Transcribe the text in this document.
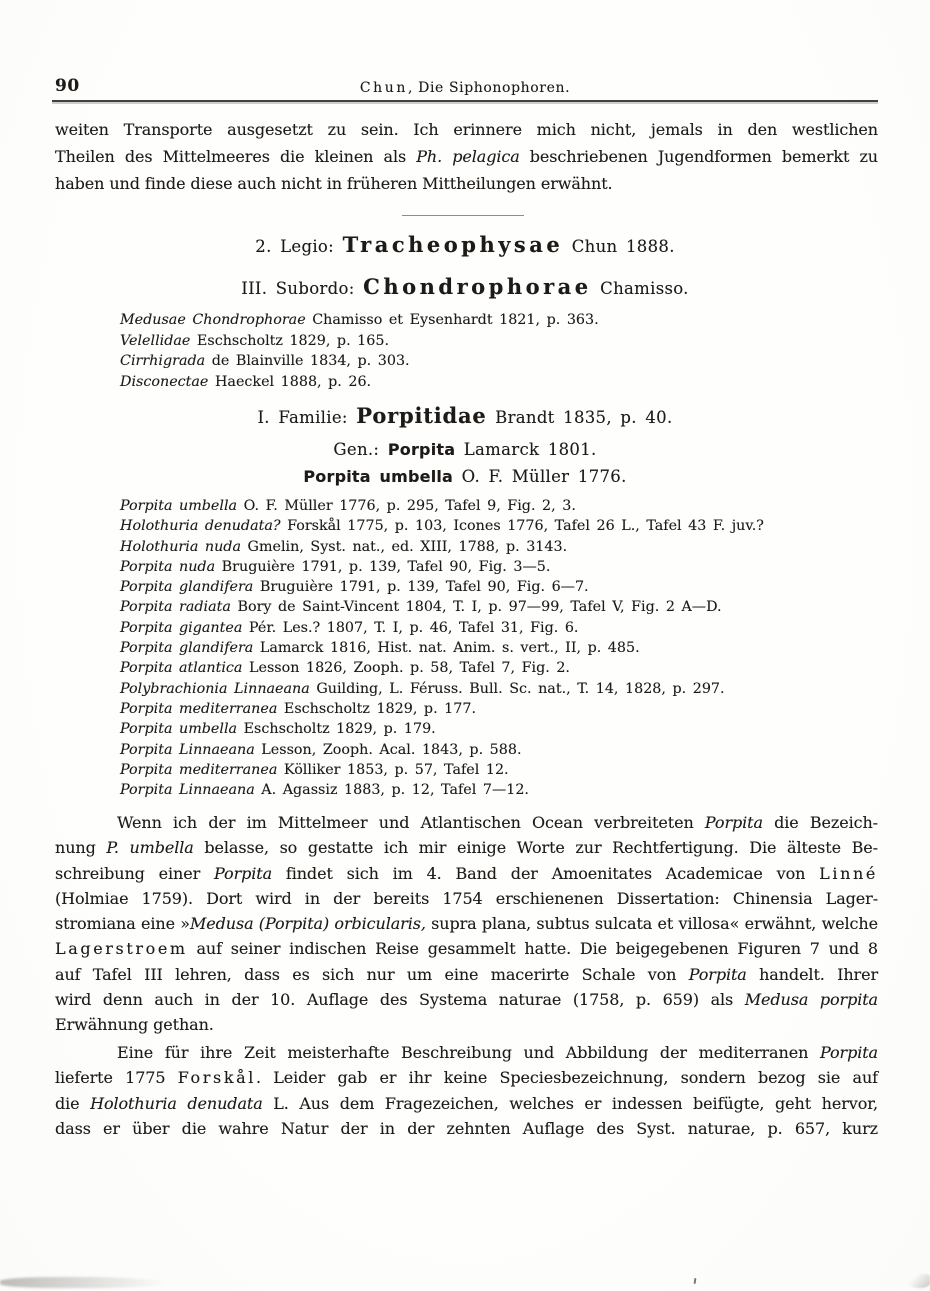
90	Chun, Die Siphonophoren.
weiten Transporte ausgesetzt zu sein. Ich erinnere mich nicht, jemals in den westlichen
Theilen des Mittelmeeres die kleinen als Ph. pelagica beschriebenen Jugendformen bemerkt zu
haben und finde diese auch nicht in früheren Mittheilungen erwähnt.
2. Legio: Tracheophysae Chun 1888.
III. Subordo: Chondrophorae Chamisso.
Medusae Chondrophorae Chamisso et Eysenhardt 1821, p. 363.
Velellidae Eschscholtz 1829, p. 165.
Cirrhigrada de Blainville 1834, p. 303.
Disconectae Haeckel 1888, p. 26.
I. Familie: Porpitidae Brandt 1835, p. 40.
Gen.: Porpita Lamarck 1801.
Porpita umbella O. F. Müller 1776.
Porpita umbella O. F. Müller 1776, p. 295, Tafel 9, Fig. 2, 3.
Holothuria denudata? Forskål 1775, p. 103, Icones 1776, Tafel 26 L., Tafel 43 F. juv.?
Holothuria nuda Gmelin, Syst. nat., ed. XIII, 1788, p. 3143.
Porpita nuda Bruguière 1791, p. 139, Tafel 90, Fig. 3—5.
Porpita glandifera Bruguière 1791, p. 139, Tafel 90, Fig. 6—7.
Porpita radiata Bory de Saint-Vincent 1804, T. I, p. 97—99, Tafel V, Fig. 2 A—D.
Porpita gigantea Pér. Les.? 1807, T. I, p. 46, Tafel 31, Fig. 6.
Porpita glandifera Lamarck 1816, Hist. nat. Anim. s. vert., II, p. 485.
Porpita atlantica Lesson 1826, Zooph. p. 58, Tafel 7, Fig. 2.
Polybrachionia Linnaeana Guilding, L. Féruss. Bull. Sc. nat., T. 14, 1828, p. 297.
Porpita mediterranea Eschscholtz 1829, p. 177.
Porpita umbella Eschscholtz 1829, p. 179.
Porpita Linnaeana Lesson, Zooph. Acal. 1843, p. 588.
Porpita mediterranea Kölliker 1853, p. 57, Tafel 12.
Porpita Linnaeana A. Agassiz 1883, p. 12, Tafel 7—12.
Wenn ich der im Mittelmeer und Atlantischen Ocean verbreiteten Porpita die Bezeich-
nung P. umbella belasse, so gestatte ich mir einige Worte zur Rechtfertigung. Die älteste Be-
schreibung einer Porpita findet sich im 4. Band der Amoenitates Academicae von Linné
(Holmiae 1759). Dort wird in der bereits 1754 erschienenen Dissertation: Chinensia Lager-
stromiana eine »Medusa (Porpita) orbicularis, supra plana, subtus sulcata et villosa« erwähnt, welche
Lagerstroem auf seiner indischen Reise gesammelt hatte. Die beigegebenen Figuren 7 und 8
auf Tafel III lehren, dass es sich nur um eine macerirte Schale von Porpita handelt. Ihrer
wird denn auch in der 10. Auflage des Systema naturae (1758, p. 659) als Medusa porpita
Erwähnung gethan.
Eine für ihre Zeit meisterhafte Beschreibung und Abbildung der mediterranen Porpita
lieferte 1775 Forskål. Leider gab er ihr keine Speciesbezeichnung, sondern bezog sie auf
die Holothuria denudata L. Aus dem Fragezeichen, welches er indessen beifügte, geht hervor,
dass er über die wahre Natur der in der zehnten Auflage des Syst. naturae, p. 657, kurz
